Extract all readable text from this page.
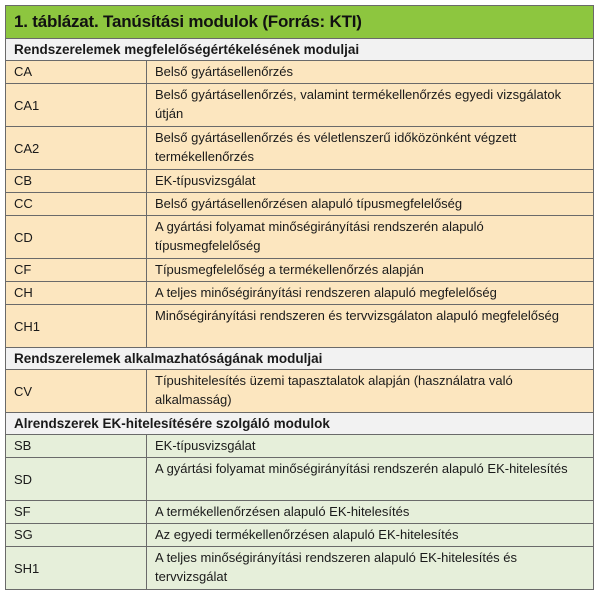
1. táblázat. Tanúsítási modulok (Forrás: KTI)
Rendszerelemek megfelelőségértékelésének moduljai	
CA	Belső gyártásellenőrzés
CA1	Belső gyártásellenőrzés, valamint termékellenőrzés egyedi vizsgálatok útján
CA2	Belső gyártásellenőrzés és véletlenszerű időközönként végzett termékellenőrzés
CB	EK-típusvizsgálat
CC	Belső gyártásellenőrzésen alapuló típusmegfelelőség
CD	A gyártási folyamat minőségirányítási rendszerén alapuló típusmegfelelőség
CF	Típusmegfelelőség a termékellenőrzés alapján
CH	A teljes minőségirányítási rendszeren alapuló megfelelőség
CH1	Minőségirányítási rendszeren és tervvizsgálaton alapuló megfelelőség
Rendszerelemek alkalmazhatóságának moduljai	
CV	Típushitelesítés üzemi tapasztalatok alapján (használatra való alkalmasság)
Alrendszerek EK-hitelesítésére szolgáló modulok	
SB	EK-típusvizsgálat
SD	A gyártási folyamat minőségirányítási rendszerén alapuló EK-hitelesítés
SF	A termékellenőrzésen alapuló EK-hitelesítés
SG	Az egyedi termékellenőrzésen alapuló EK-hitelesítés
SH1	A teljes minőségirányítási rendszeren alapuló EK-hitelesítés és tervvizsgálat
